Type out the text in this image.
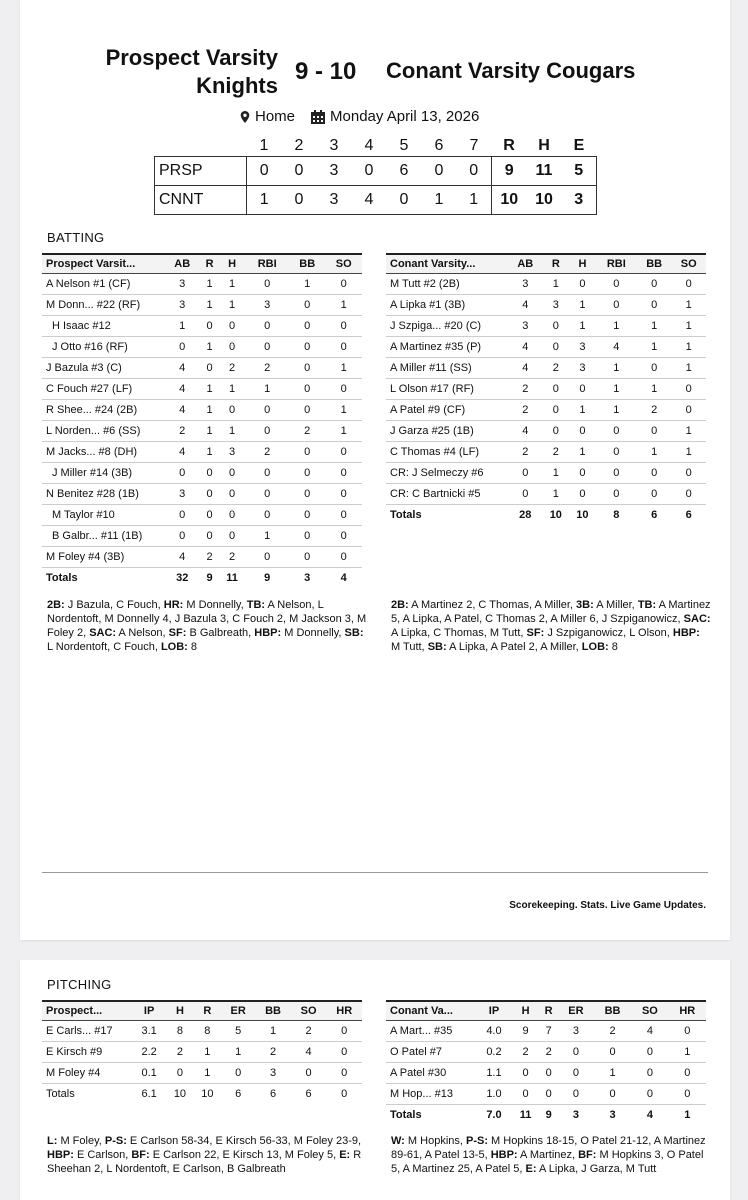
Prospect Varsity
Knights
9 - 10 Conant Varsity Cougars
Home Monday April 13, 2026
	1	2	3	4	5	6	7	R	H	E
PRSP	0	0	3	0	6	0	0	9	11	5
CNNT	1	0	3	4	0	1	1	10	10	3
BATTING
Prospect Varsit...	AB	R	H	RBI	BB	SO
A Nelson #1 (CF)	3	1	1	0	1	0
M Donn... #22 (RF)	3	1	1	3	0	1
H Isaac #12	1	0	0	0	0	0
J Otto #16 (RF)	0	1	0	0	0	0
J Bazula #3 (C)	4	0	2	2	0	1
C Fouch #27 (LF)	4	1	1	1	0	0
R Shee... #24 (2B)	4	1	0	0	0	1
L Norden... #6 (SS)	2	1	1	0	2	1
M Jacks... #8 (DH)	4	1	3	2	0	0
J Miller #14 (3B)	0	0	0	0	0	0
N Benitez #28 (1B)	3	0	0	0	0	0
M Taylor #10	0	0	0	0	0	0
B Galbr... #11 (1B)	0	0	0	1	0	0
M Foley #4 (3B)	4	2	2	0	0	0
Totals	32	9	11	9	3	4
Conant Varsity...	AB	R	H	RBI	BB	SO
M Tutt #2 (2B)	3	1	0	0	0	0
A Lipka #1 (3B)	4	3	1	0	0	1
J Szpiga... #20 (C)	3	0	1	1	1	1
A Martinez #35 (P)	4	0	3	4	1	1
A Miller #11 (SS)	4	2	3	1	0	1
L Olson #17 (RF)	2	0	0	1	1	0
A Patel #9 (CF)	2	0	1	1	2	0
J Garza #25 (1B)	4	0	0	0	0	1
C Thomas #4 (LF)	2	2	1	0	1	1
CR: J Selmeczy #6	0	1	0	0	0	0
CR: C Bartnicki #5	0	1	0	0	0	0
Totals	28	10	10	8	6	6
2B: J Bazula, C Fouch, HR: M Donnelly, TB: A Nelson, L Nordentoft, M Donnelly 4, J Bazula 3, C Fouch 2, M Jackson 3, M Foley 2, SAC: A Nelson, SF: B Galbreath, HBP: M Donnelly, SB: L Nordentoft, C Fouch, LOB: 8
2B: A Martinez 2, C Thomas, A Miller, 3B: A Miller, TB: A Martinez 5, A Lipka, A Patel, C Thomas 2, A Miller 6, J Szpiganowicz, SAC: A Lipka, C Thomas, M Tutt, SF: J Szpiganowicz, L Olson, HBP: M Tutt, SB: A Lipka, A Patel 2, A Miller, LOB: 8
Scorekeeping. Stats. Live Game Updates.
PITCHING
Prospect...	IP	H	R	ER	BB	SO	HR
E Carls... #17	3.1	8	8	5	1	2	0
E Kirsch #9	2.2	2	1	1	2	4	0
M Foley #4	0.1	0	1	0	3	0	0
Totals	6.1	10	10	6	6	6	0
Conant Va...	IP	H	R	ER	BB	SO	HR
A Mart... #35	4.0	9	7	3	2	4	0
O Patel #7	0.2	2	2	0	0	0	1
A Patel #30	1.1	0	0	0	1	0	0
M Hop... #13	1.0	0	0	0	0	0	0
Totals	7.0	11	9	3	3	4	1
L: M Foley, P-S: E Carlson 58-34, E Kirsch 56-33, M Foley 23-9, HBP: E Carlson, BF: E Carlson 22, E Kirsch 13, M Foley 5, E: R Sheehan 2, L Nordentoft, E Carlson, B Galbreath
W: M Hopkins, P-S: M Hopkins 18-15, O Patel 21-12, A Martinez 89-61, A Patel 13-5, HBP: A Martinez, BF: M Hopkins 3, O Patel 5, A Martinez 25, A Patel 5, E: A Lipka, J Garza, M Tutt
